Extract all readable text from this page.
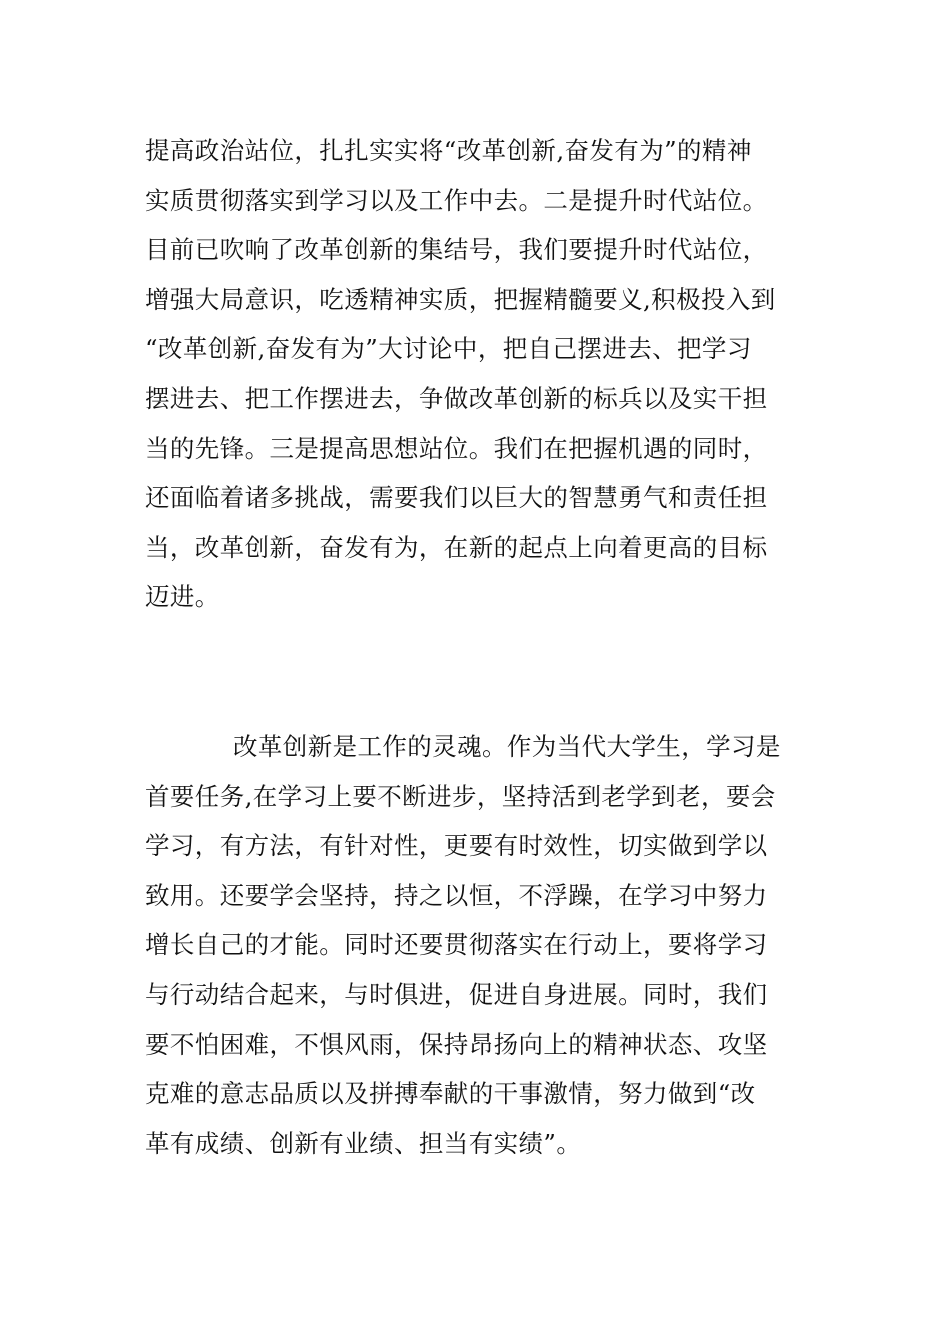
提高政治站位，扎扎实实将“改革创新,奋发有为”的精神
实质贯彻落实到学习以及工作中去。二是提升时代站位。
目前已吹响了改革创新的集结号，我们要提升时代站位，
增强大局意识，吃透精神实质，把握精髓要义,积极投入到
“改革创新,奋发有为”大讨论中，把自己摆进去、把学习
摆进去、把工作摆进去，争做改革创新的标兵以及实干担
当的先锋。三是提高思想站位。我们在把握机遇的同时，
还面临着诸多挑战，需要我们以巨大的智慧勇气和责任担
当，改革创新，奋发有为，在新的起点上向着更高的目标
迈进。
改革创新是工作的灵魂。作为当代大学生，学习是
首要任务,在学习上要不断进步，坚持活到老学到老，要会
学习，有方法，有针对性，更要有时效性，切实做到学以
致用。还要学会坚持，持之以恒，不浮躁，在学习中努力
增长自己的才能。同时还要贯彻落实在行动上，要将学习
与行动结合起来，与时俱进，促进自身进展。同时，我们
要不怕困难，不惧风雨，保持昂扬向上的精神状态、攻坚
克难的意志品质以及拼搏奉献的干事激情，努力做到“改
革有成绩、创新有业绩、担当有实绩”。
